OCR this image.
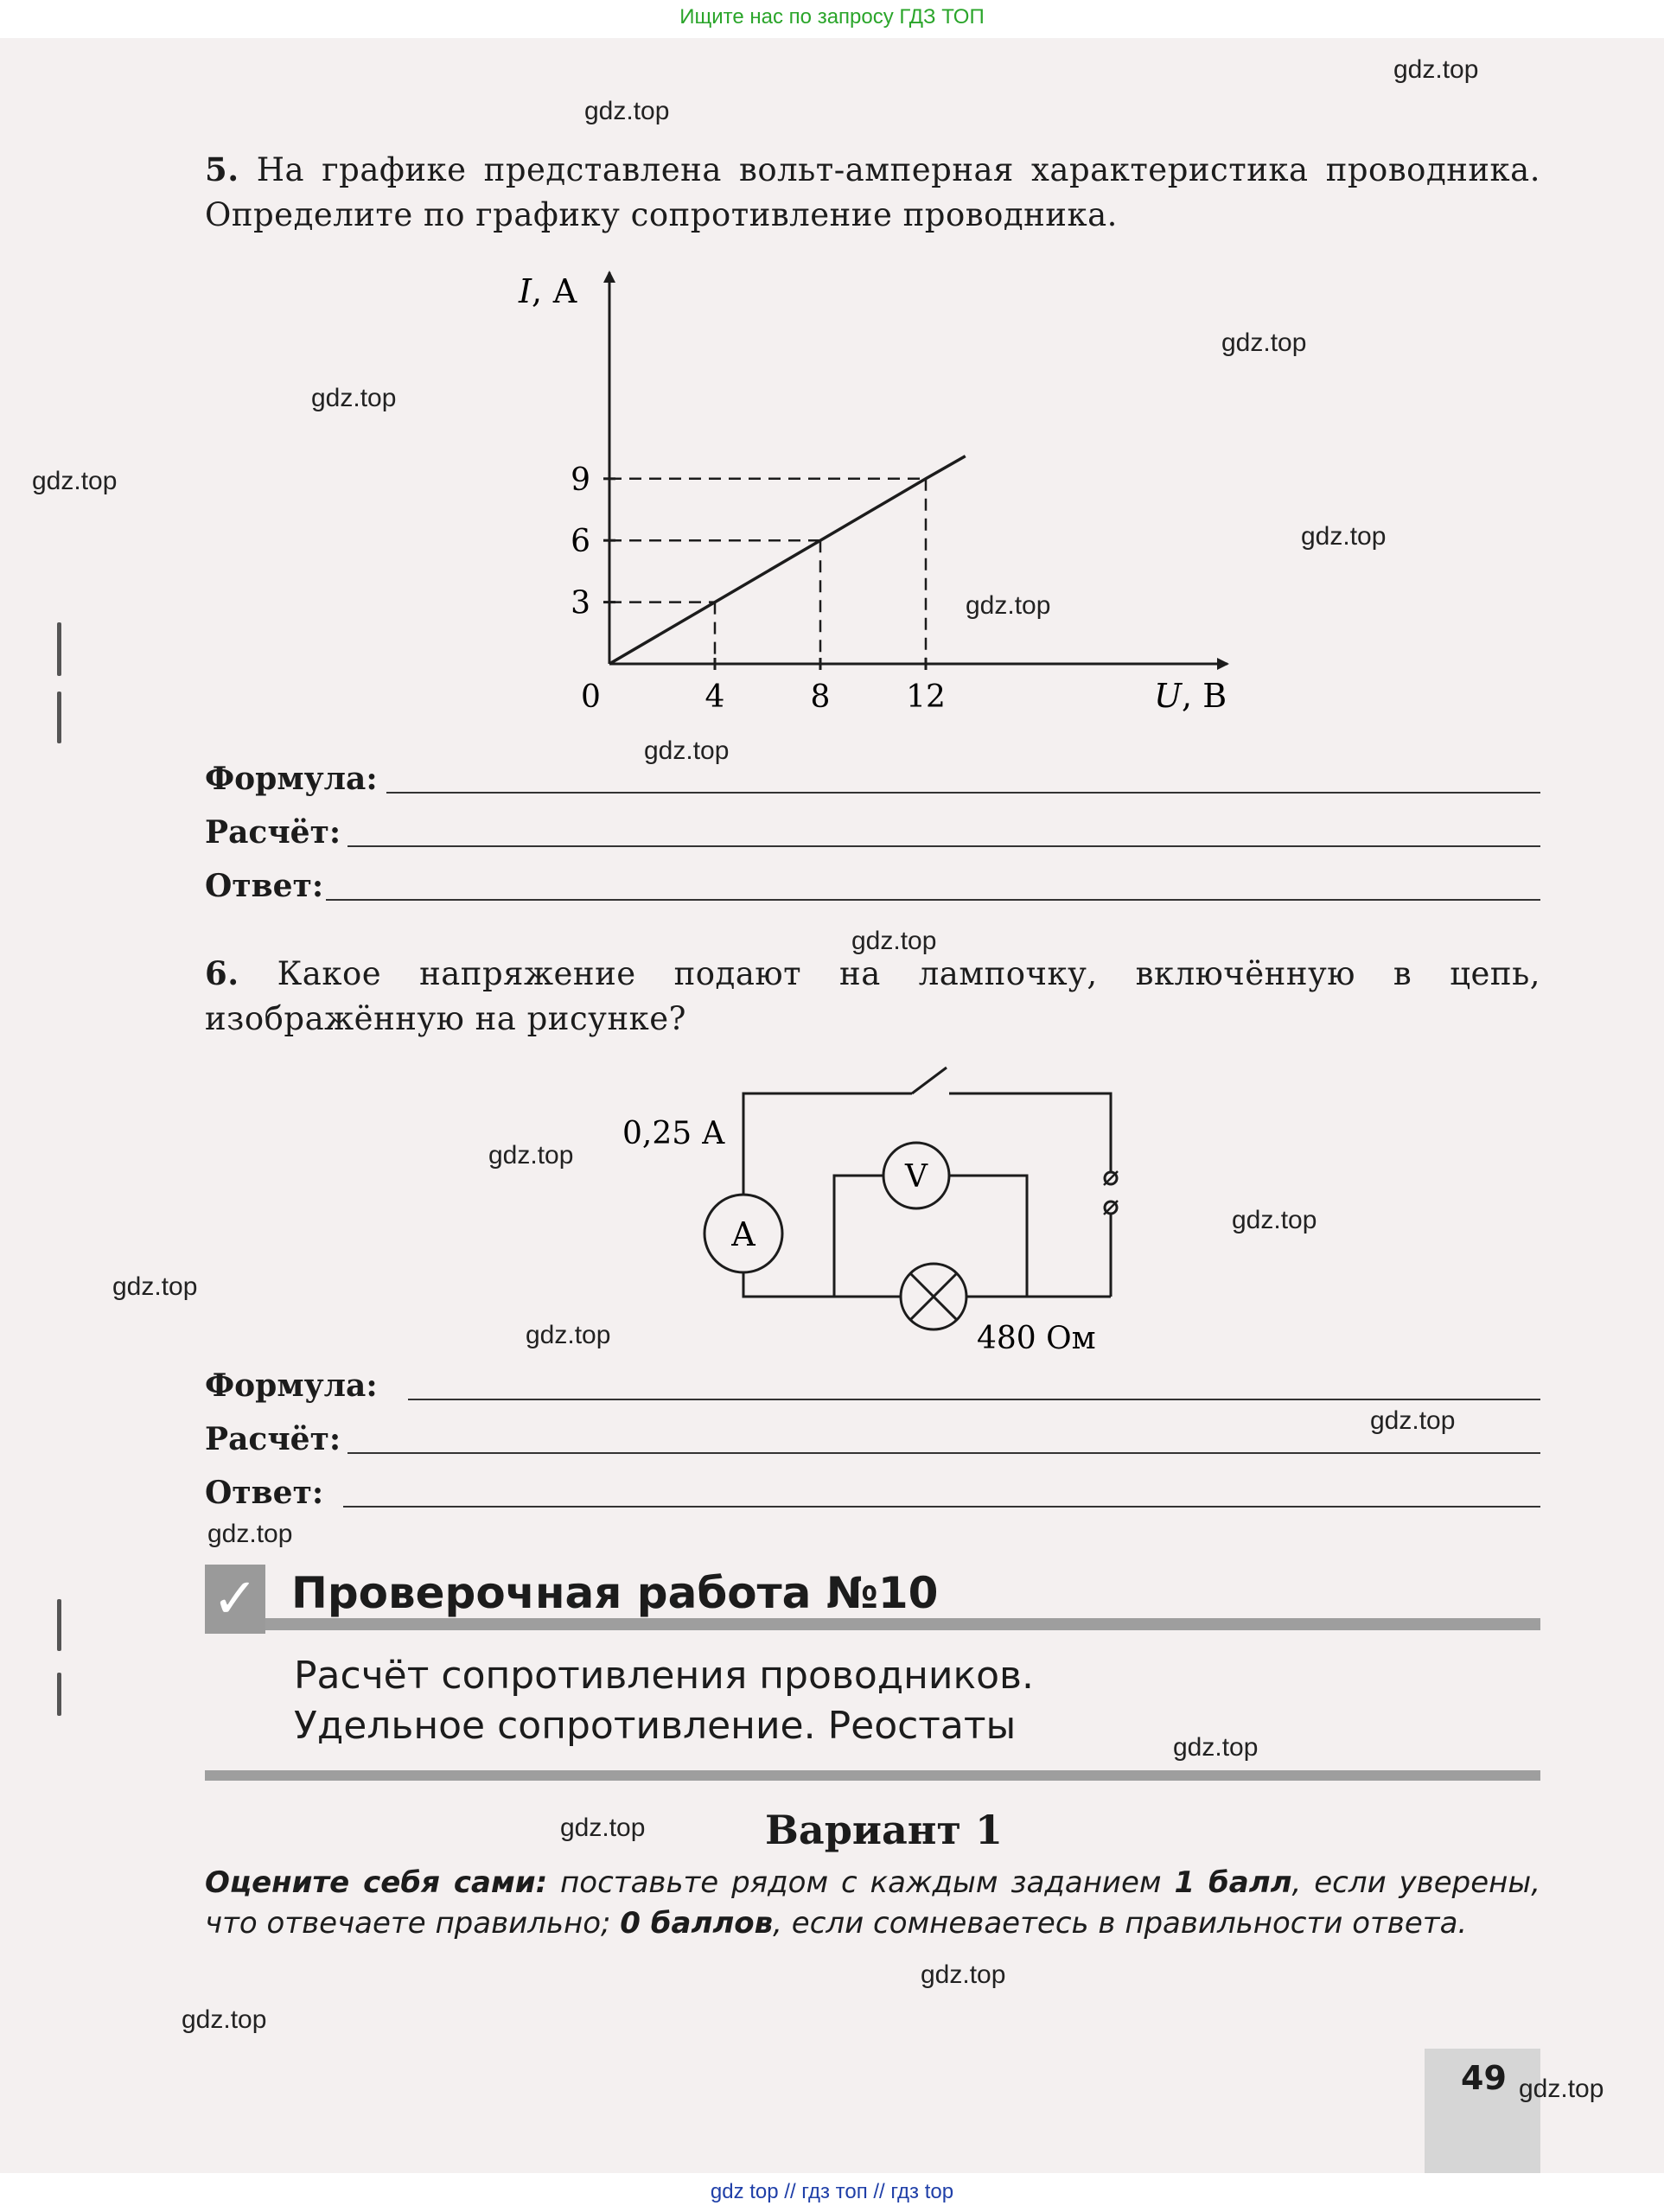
Ищите нас по запросу ГДЗ ТОП
5. На графике представлена вольт-амперная характеристика проводника. Определите по графику сопротивление проводника.
4	8 12
3
6
9
0
I, А
U, В
Формула:
Расчёт:
Ответ:
6. Какое напряжение подают на лампочку, включённую в цепь, изображённую на рисунке?
A
V
0,25 А
480 Ом
Формула:
Расчёт:
Ответ:
✓ Проверочная работа №10
Расчёт сопротивления проводников.
Удельное сопротивление. Реостаты
Вариант 1
Оцените себя сами: поставьте рядом с каждым заданием 1 балл, если уверены, что отвечаете правильно; 0 баллов, если сомневаетесь в правильности ответа.
49
gdz.top
gdz.top
gdz.top
gdz.top
gdz.top
gdz.top
gdz.top
gdz.top
gdz.top
gdz.top
gdz.top
gdz.top
gdz.top
gdz.top
gdz.top
gdz.top
gdz.top
gdz.top
gdz.top
gdz.top
gdz top // гдз топ // гдз top
